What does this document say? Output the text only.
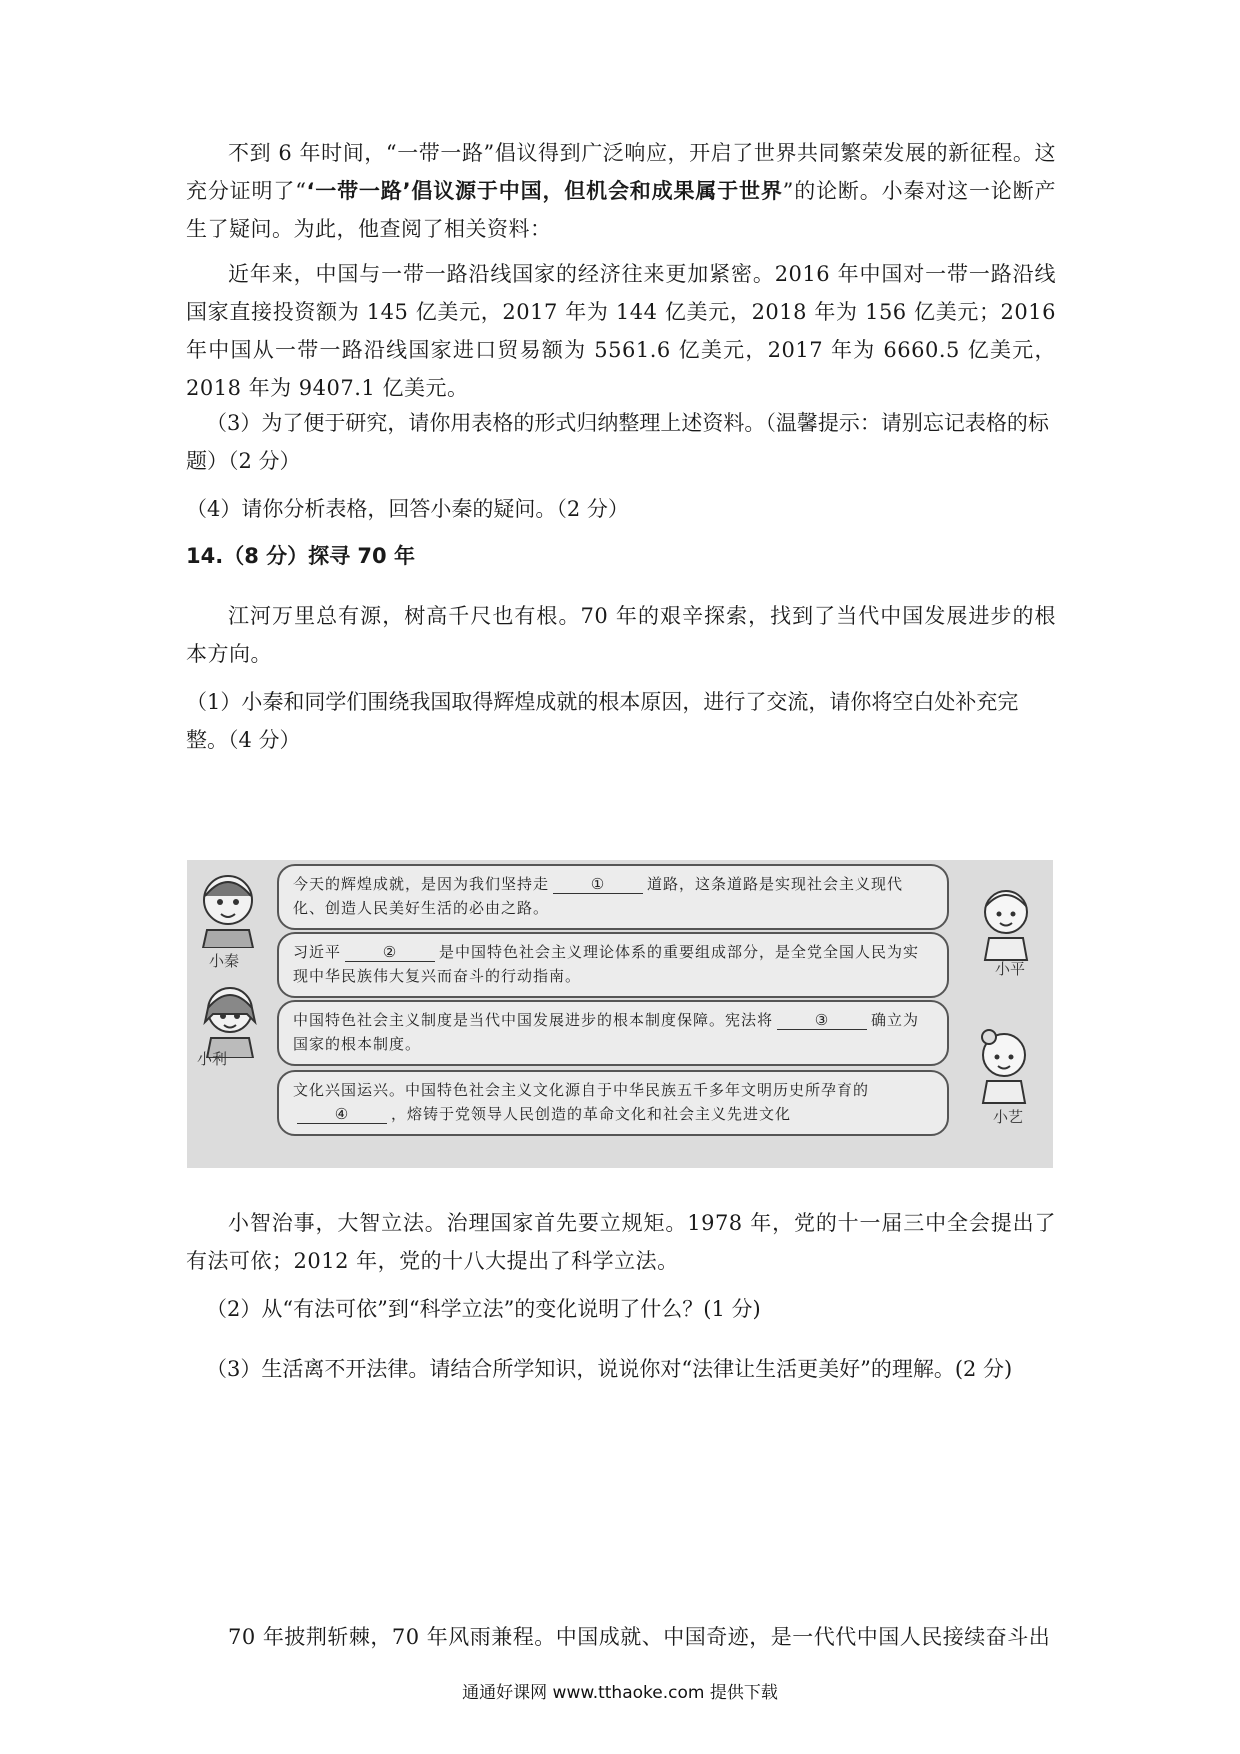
不到 6 年时间，“一带一路”倡议得到广泛响应，开启了世界共同繁荣发展的新征程。这充分证明了“‘一带一路’倡议源于中国，但机会和成果属于世界”的论断。小秦对这一论断产生了疑问。为此，他查阅了相关资料：

近年来，中国与一带一路沿线国家的经济往来更加紧密。2016 年中国对一带一路沿线国家直接投资额为 145 亿美元，2017 年为 144 亿美元，2018 年为 156 亿美元；2016 年中国从一带一路沿线国家进口贸易额为 5561.6 亿美元，2017 年为 6660.5 亿美元，2018 年为 9407.1 亿美元。

（3）为了便于研究，请你用表格的形式归纳整理上述资料。（温馨提示：请别忘记表格的标题）（2 分）

（4）请你分析表格，回答小秦的疑问。（2 分）

14.（8 分）探寻 70 年

江河万里总有源，树高千尺也有根。70 年的艰辛探索，找到了当代中国发展进步的根本方向。

（1）小秦和同学们围绕我国取得辉煌成就的根本原因，进行了交流，请你将空白处补充完整。（4 分）

小秦
小利
小平
小艺
今天的辉煌成就，是因为我们坚持走	①	道路，这条道路是实现社会主义现代化、创造人民美好生活的必由之路。
习近平	②	是中国特色社会主义理论体系的重要组成部分，是全党全国人民为实现中华民族伟大复兴而奋斗的行动指南。
中国特色社会主义制度是当代中国发展进步的根本制度保障。宪法将	③	确立为国家的根本制度。
文化兴国运兴。中国特色社会主义文化源自于中华民族五千多年文明历史所孕育的④	，熔铸于党领导人民创造的革命文化和社会主义先进文化

小智治事，大智立法。治理国家首先要立规矩。1978 年，党的十一届三中全会提出了有法可依；2012 年，党的十八大提出了科学立法。

（2）从“有法可依”到“科学立法”的变化说明了什么？(1 分)

（3）生活离不开法律。请结合所学知识，说说你对“法律让生活更美好”的理解。(2 分)

70 年披荆斩棘，70 年风雨兼程。中国成就、中国奇迹，是一代代中国人民接续奋斗出

通通好课网 www.tthaoke.com 提供下载
